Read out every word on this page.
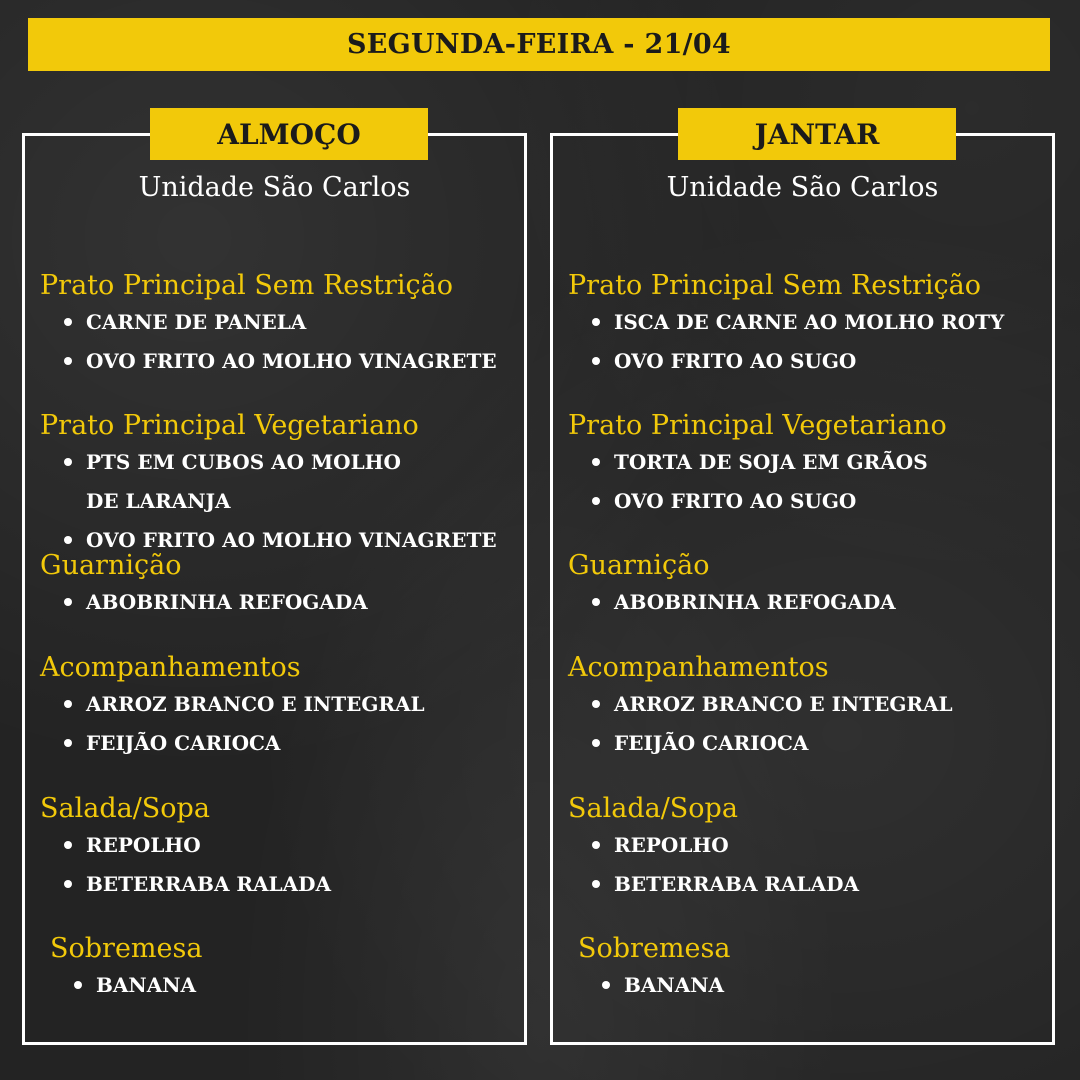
SEGUNDA-FEIRA - 21/04
ALMOÇO
Unidade São Carlos
Prato Principal Sem Restrição
CARNE DE PANELA
OVO FRITO AO MOLHO VINAGRETE
Prato Principal Vegetariano
PTS EM CUBOS AO MOLHO DE LARANJA
OVO FRITO AO MOLHO VINAGRETE
Guarnição
ABOBRINHA REFOGADA
Acompanhamentos
ARROZ BRANCO E INTEGRAL
FEIJÃO CARIOCA
Salada/Sopa
REPOLHO
BETERRABA RALADA
Sobremesa
BANANA
JANTAR
Unidade São Carlos
Prato Principal Sem Restrição
ISCA DE CARNE AO MOLHO ROTY
OVO FRITO AO SUGO
Prato Principal Vegetariano
TORTA DE SOJA EM GRÃOS
OVO FRITO AO SUGO
Guarnição
ABOBRINHA REFOGADA
Acompanhamentos
ARROZ BRANCO E INTEGRAL
FEIJÃO CARIOCA
Salada/Sopa
REPOLHO
BETERRABA RALADA
Sobremesa
BANANA
